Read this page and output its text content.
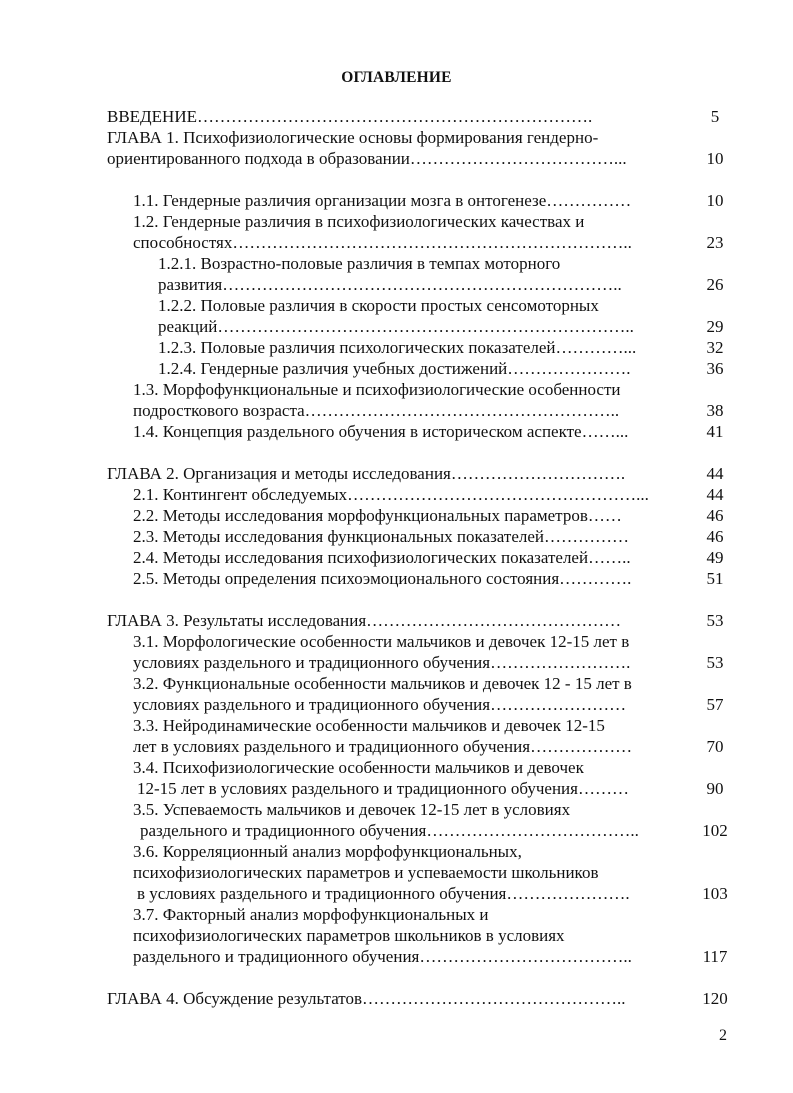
ОГЛАВЛЕНИЕ
ВВЕДЕНИЕ…………………………………………………………….	5
ГЛАВА 1. Психофизиологические основы формирования гендерно-
ориентированного подхода в образовании………………………………...	10
1.1. Гендерные различия организации мозга в онтогенезе……………	10
1.2. Гендерные различия в психофизиологических качествах и
способностях……………………………………………………………..	23
1.2.1. Возрастно-половые различия в темпах моторного
развития……………………………………………………………..	26
1.2.2. Половые различия в скорости простых сенсомоторных
реакций………………………………………………………………..	29
1.2.3. Половые различия психологических показателей…………...	32
1.2.4. Гендерные различия учебных достижений………………….	36
1.3. Морфофункциональные и психофизиологические особенности
подросткового возраста………………………………………………..	38
1.4. Концепция раздельного обучения в историческом аспекте……...	41
ГЛАВА 2. Организация и методы исследования………………………….	44
2.1. Контингент обследуемых……………………………………………...	44
2.2. Методы исследования морфофункциональных параметров……	46
2.3. Методы исследования функциональных показателей……………	46
2.4. Методы исследования психофизиологических показателей……..	49
2.5. Методы определения психоэмоционального состояния………….	51
ГЛАВА 3. Результаты исследования………………………………………	53
3.1. Морфологические особенности мальчиков и девочек 12-15 лет в
условиях раздельного и традиционного обучения…………………….	53
3.2. Функциональные особенности мальчиков и девочек 12 - 15 лет в
условиях раздельного и традиционного обучения……………………	57
3.3. Нейродинамические особенности мальчиков и девочек 12-15
лет в условиях раздельного и традиционного обучения………………	70
3.4. Психофизиологические особенности мальчиков и девочек
12-15 лет в условиях раздельного и традиционного обучения………	90
3.5. Успеваемость мальчиков и девочек 12-15 лет в условиях
раздельного и традиционного обучения………………………………..	102
3.6. Корреляционный анализ морфофункциональных,
психофизиологических параметров и успеваемости школьников
в условиях раздельного и традиционного обучения………………….	103
3.7. Факторный анализ морфофункциональных и
психофизиологических параметров школьников в условиях
раздельного и традиционного обучения………………………………..	117
ГЛАВА 4. Обсуждение результатов………………………………………..	120
2
